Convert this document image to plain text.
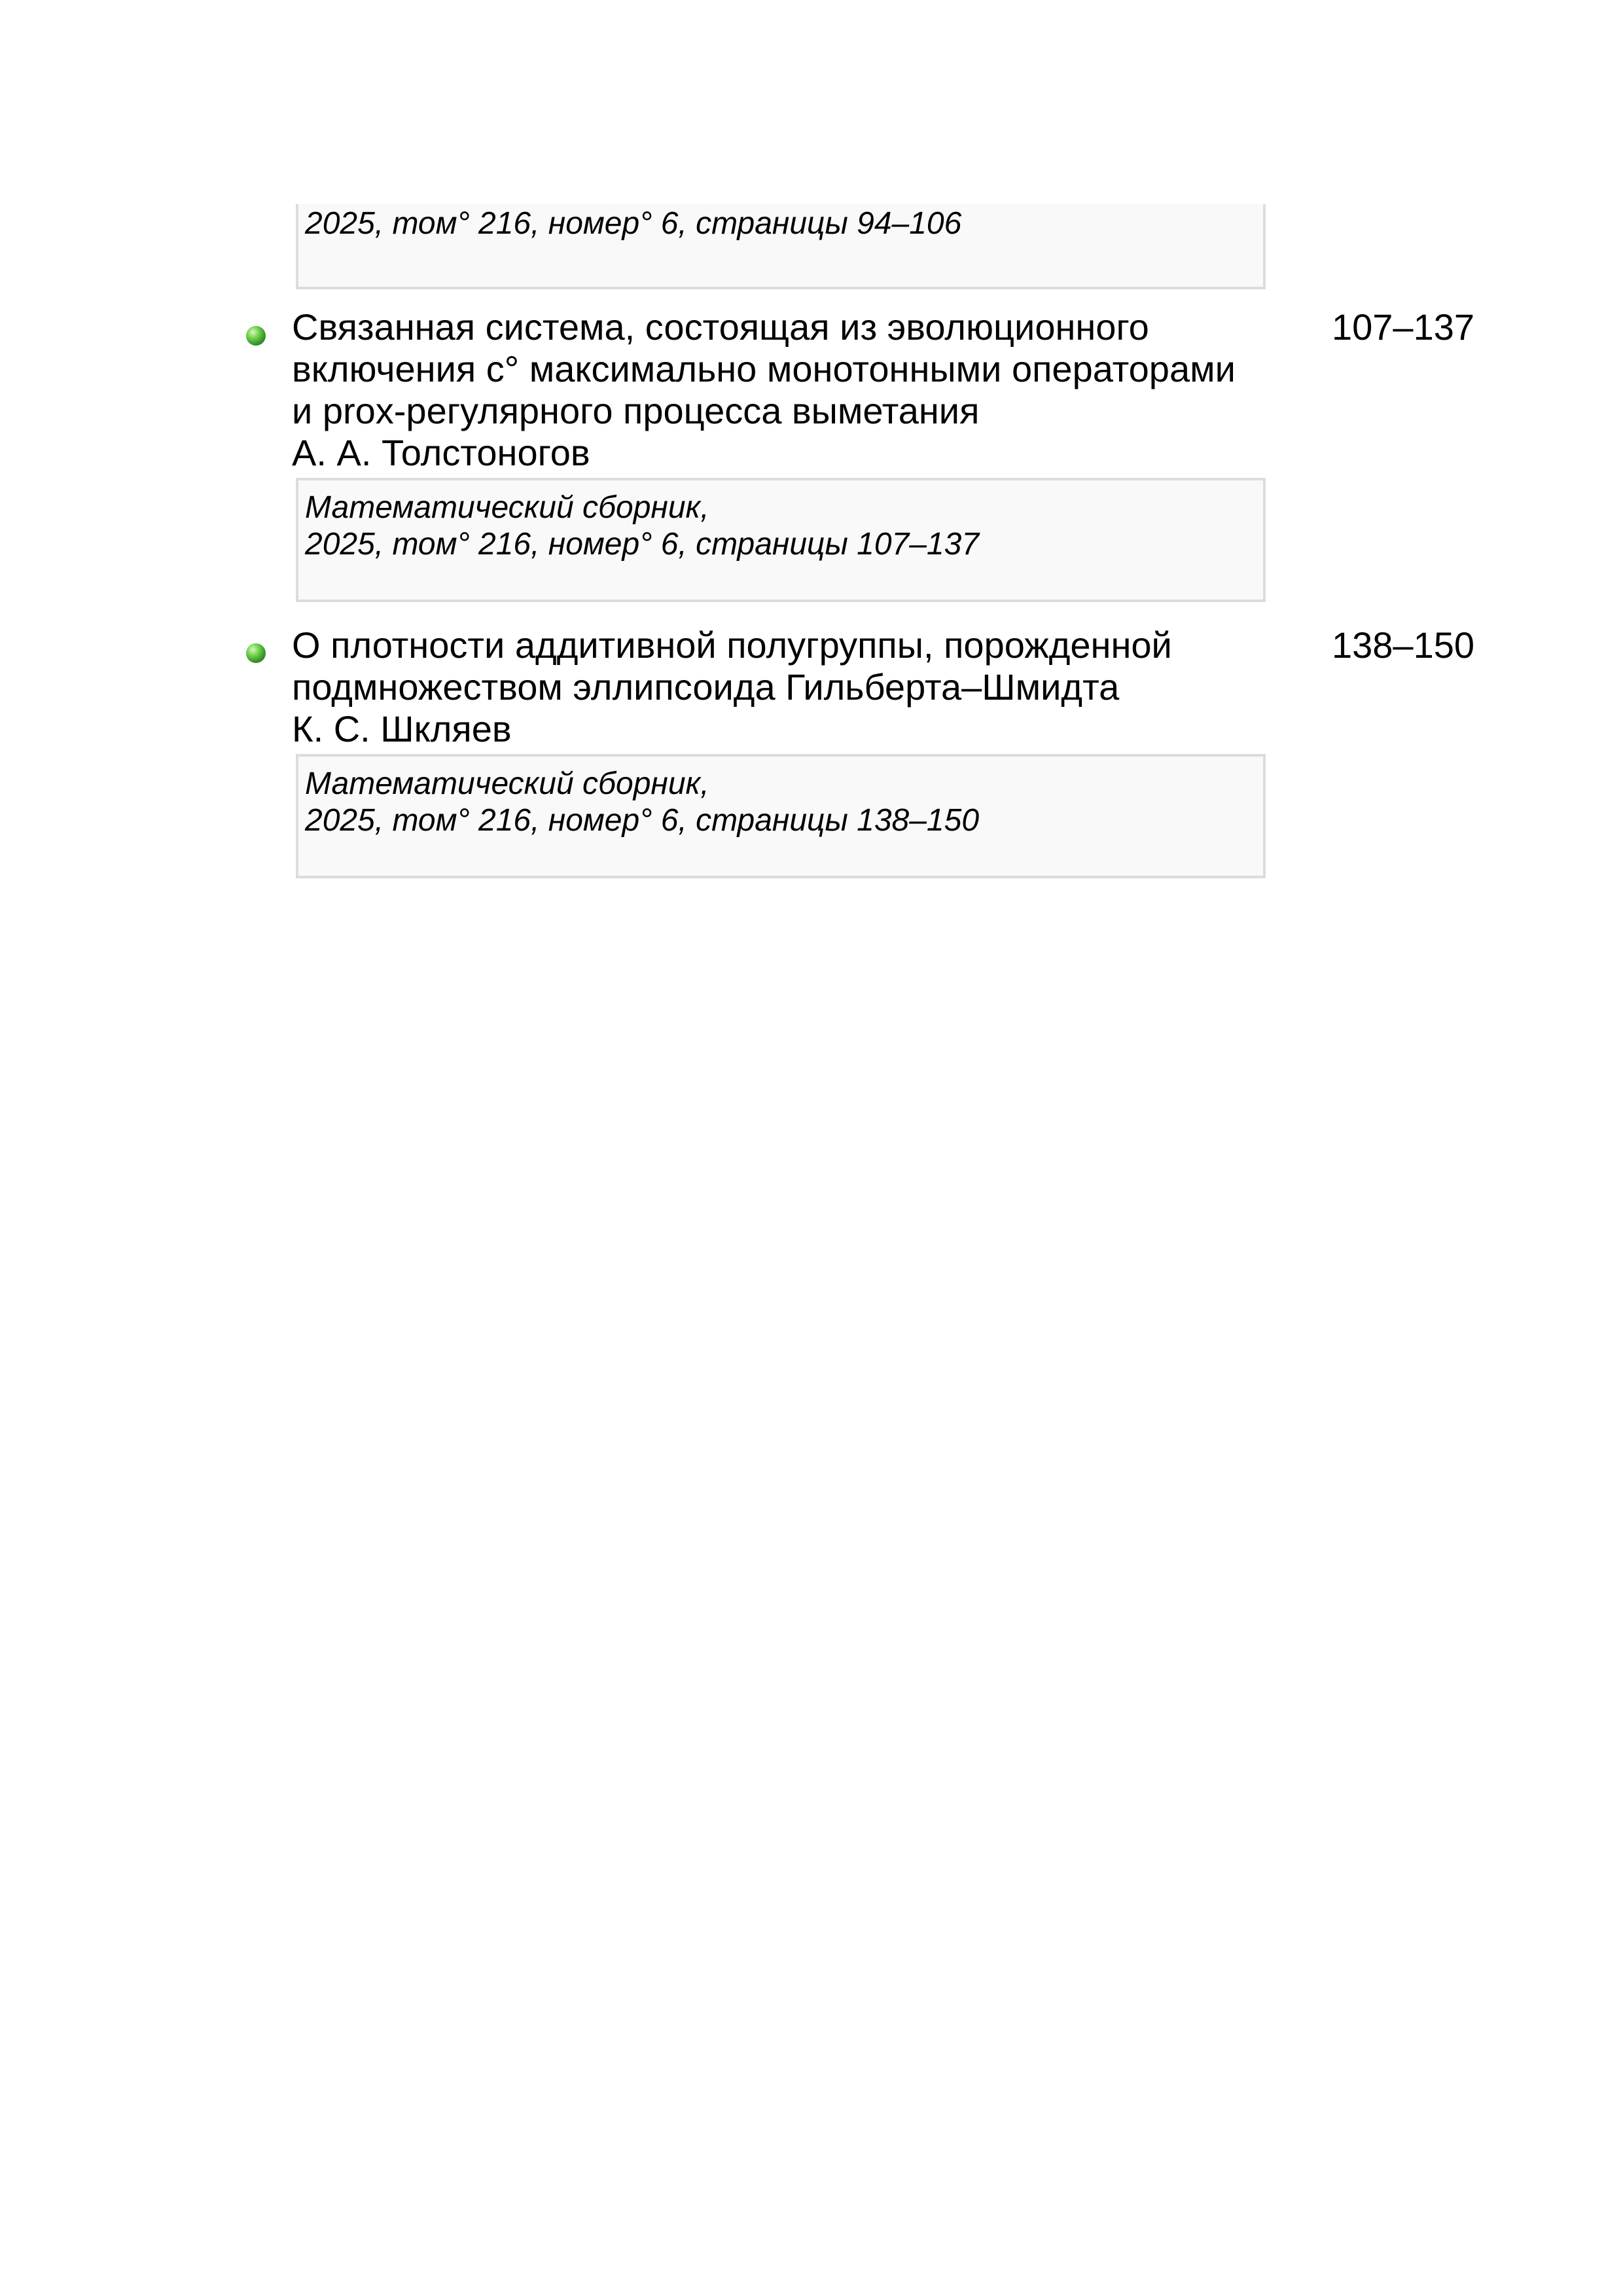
2025, том° 216, номер° 6, страницы 94–106
Связанная система, состоящая из эволюционного
включения с° максимально монотонными операторами
и prox-регулярного процесса выметания
А. А. Толстоногов
107–137
Математический сборник,
2025, том° 216, номер° 6, страницы 107–137
О плотности аддитивной полугруппы, порожденной
подмножеством эллипсоида Гильберта–Шмидта
К. С. Шкляев
138–150
Математический сборник,
2025, том° 216, номер° 6, страницы 138–150
